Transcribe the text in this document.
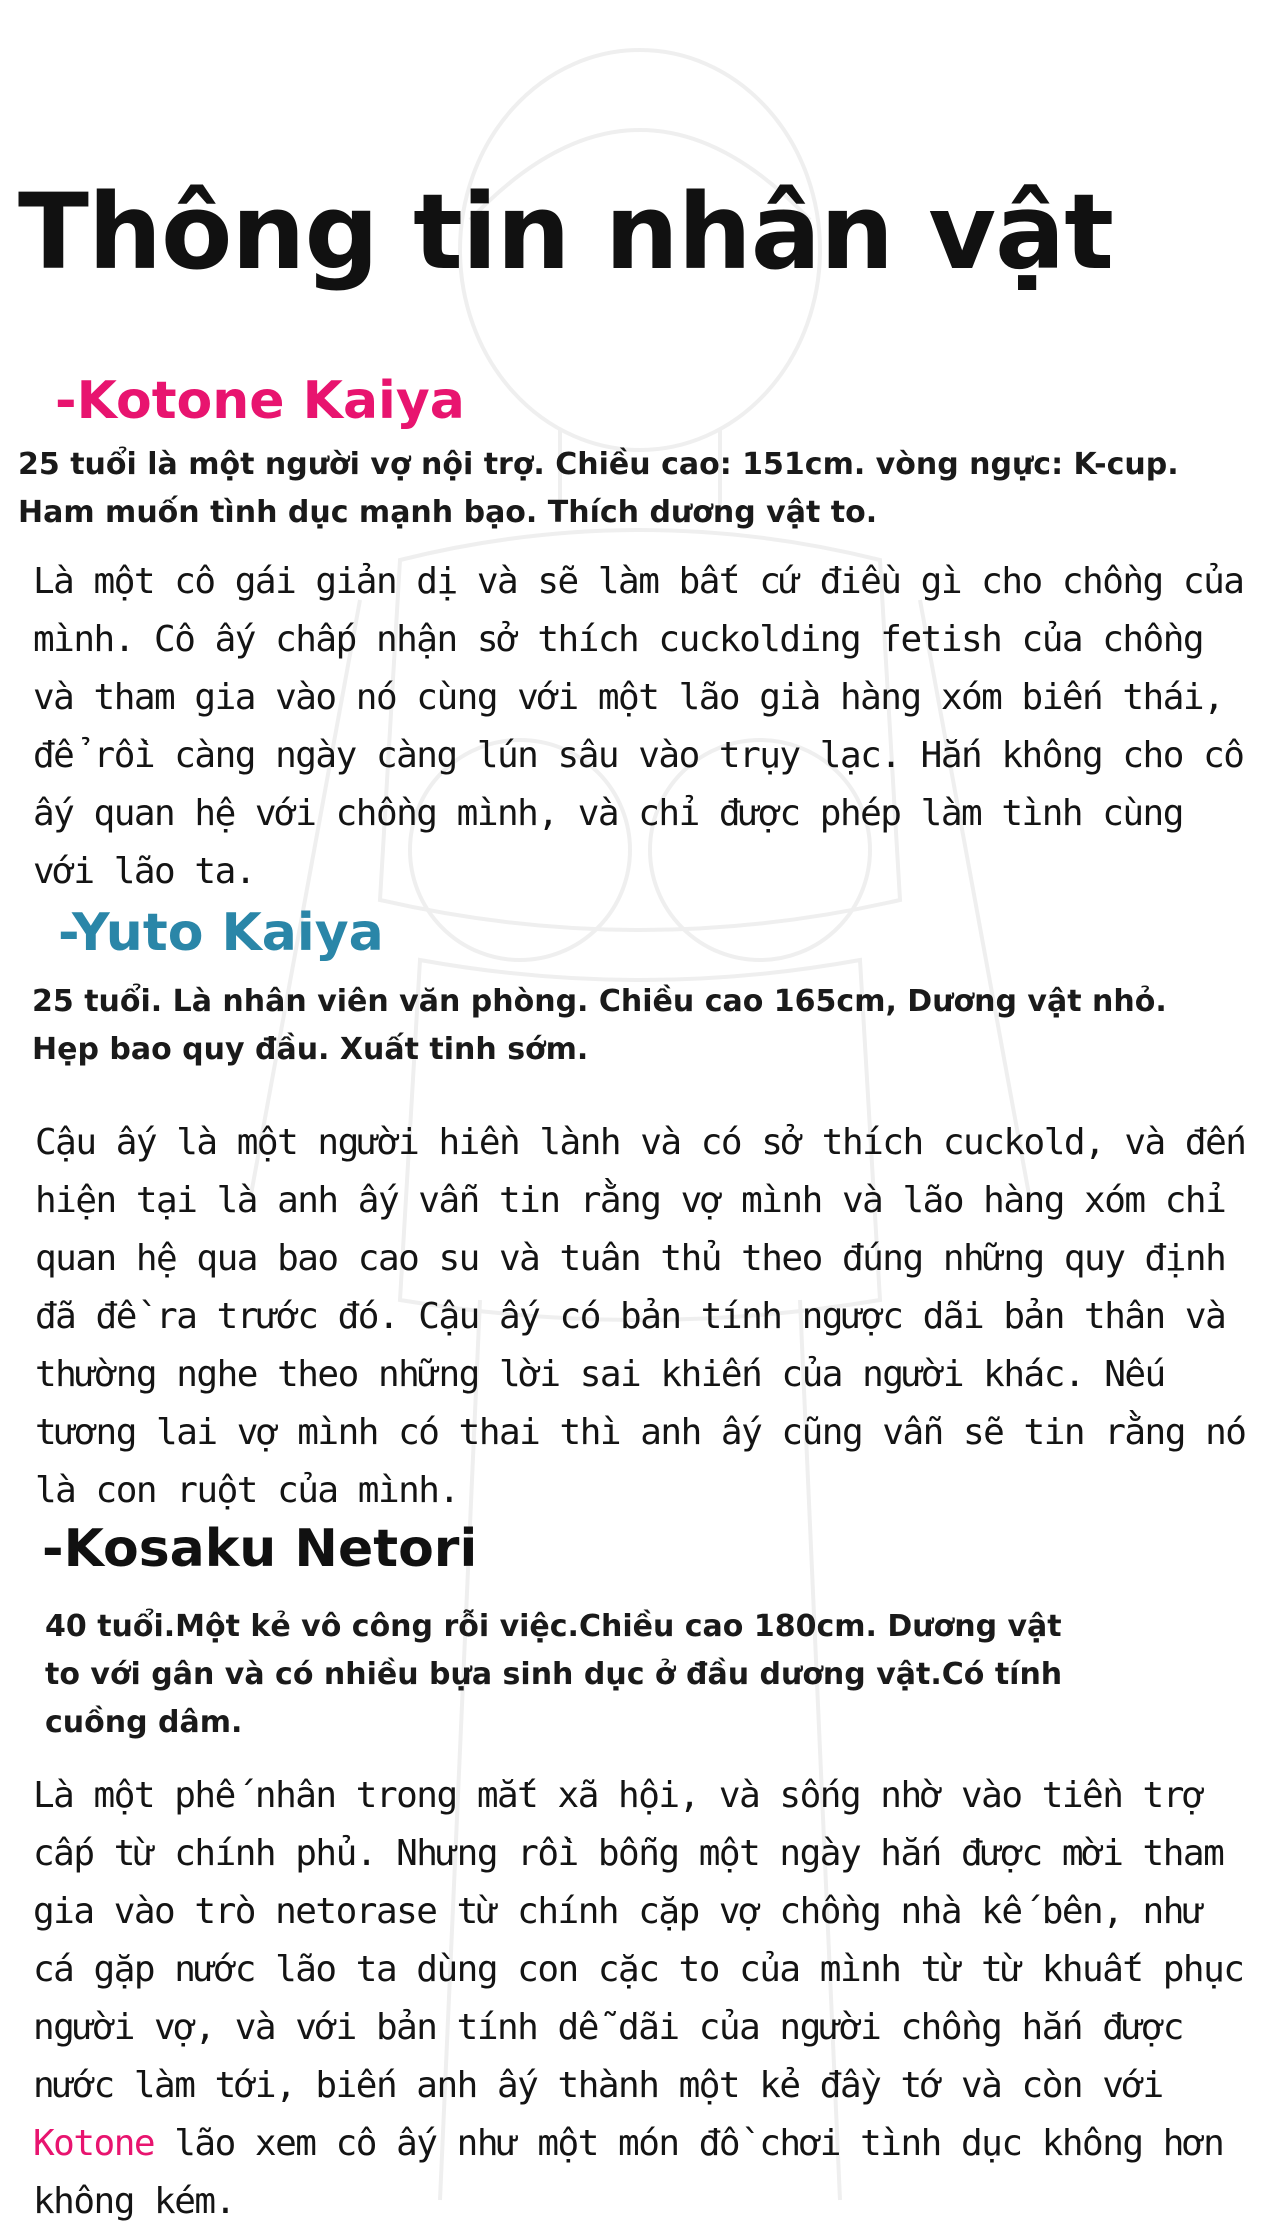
Thông tin nhân vật
-Kotone Kaiya

25 tuổi là một người vợ nội trợ. Chiều cao: 151cm. vòng ngực: K-cup. Ham muốn tình dục mạnh bạo. Thích dương vật to.

Là một cô gái giản dị và sẽ làm bất cứ điều gì cho chồng của mình. Cô ấy chấp nhận sở thích cuckolding fetish của chồng và tham gia vào nó cùng với một lão già hàng xóm biến thái, để rồi càng ngày càng lún sâu vào trụy lạc. Hắn không cho cô ấy quan hệ với chồng mình, và chỉ được phép làm tình cùng với lão ta.

-Yuto Kaiya

25 tuổi. Là nhân viên văn phòng. Chiều cao 165cm, Dương vật nhỏ. Hẹp bao quy đầu. Xuất tinh sớm.

Cậu ấy là một người hiền lành và có sở thích cuckold, và đến hiện tại là anh ấy vẫn tin rằng vợ mình và lão hàng xóm chỉ quan hệ qua bao cao su và tuân thủ theo đúng những quy định đã đề ra trước đó. Cậu ấy có bản tính ngược dãi bản thân và thường nghe theo những lời sai khiến của người khác. Nếu tương lai vợ mình có thai thì anh ấy cũng vẫn sẽ tin rằng nó là con ruột của mình.

-Kosaku Netori

40 tuổi.Một kẻ vô công rỗi việc.Chiều cao 180cm. Dương vật to với gân và có nhiều bựa sinh dục ở đầu dương vật.Có tính cuồng dâm.

Là một phế nhân trong mắt xã hội, và sống nhờ vào tiền trợ cấp từ chính phủ. Nhưng rồi bỗng một ngày hắn được mời tham gia vào trò netorase từ chính cặp vợ chồng nhà kế bên, như cá gặp nước lão ta dùng con cặc to của mình từ từ khuất phục người vợ, và với bản tính dễ dãi của người chồng hắn được nước làm tới, biến anh ấy thành một kẻ đầy tớ và còn với Kotone lão xem cô ấy như một món đồ chơi tình dục không hơn không kém.
